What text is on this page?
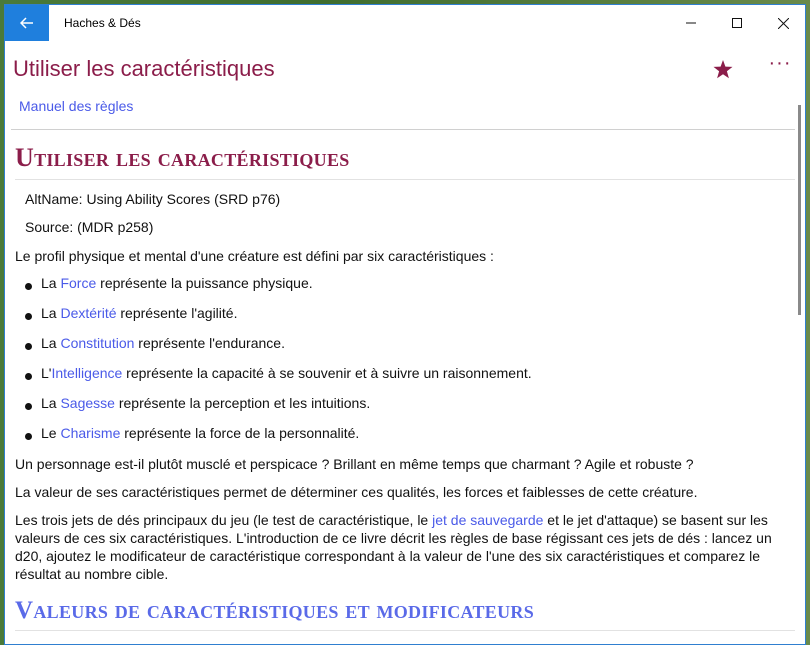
Haches & Dés
Utiliser les caractéristiques	···
Manuel des règles
Utiliser les caractéristiques
AltName: Using Ability Scores (SRD p76)
Source: (MDR p258)
Le profil physique et mental d'une créature est défini par six caractéristiques :
La Force représente la puissance physique.
La Dextérité représente l'agilité.
La Constitution représente l'endurance.
L'Intelligence représente la capacité à se souvenir et à suivre un raisonnement.
La Sagesse représente la perception et les intuitions.
Le Charisme représente la force de la personnalité.
Un personnage est-il plutôt musclé et perspicace ? Brillant en même temps que charmant ? Agile et robuste ?
La valeur de ses caractéristiques permet de déterminer ces qualités, les forces et faiblesses de cette créature.
Les trois jets de dés principaux du jeu (le test de caractéristique, le jet de sauvegarde et le jet d'attaque) se basent sur les valeurs de ces six caractéristiques. L'introduction de ce livre décrit les règles de base régissant ces jets de dés : lancez un d20, ajoutez le modificateur de caractéristique correspondant à la valeur de l'une des six caractéristiques et comparez le résultat au nombre cible.
Valeurs de caractéristiques et modificateurs
